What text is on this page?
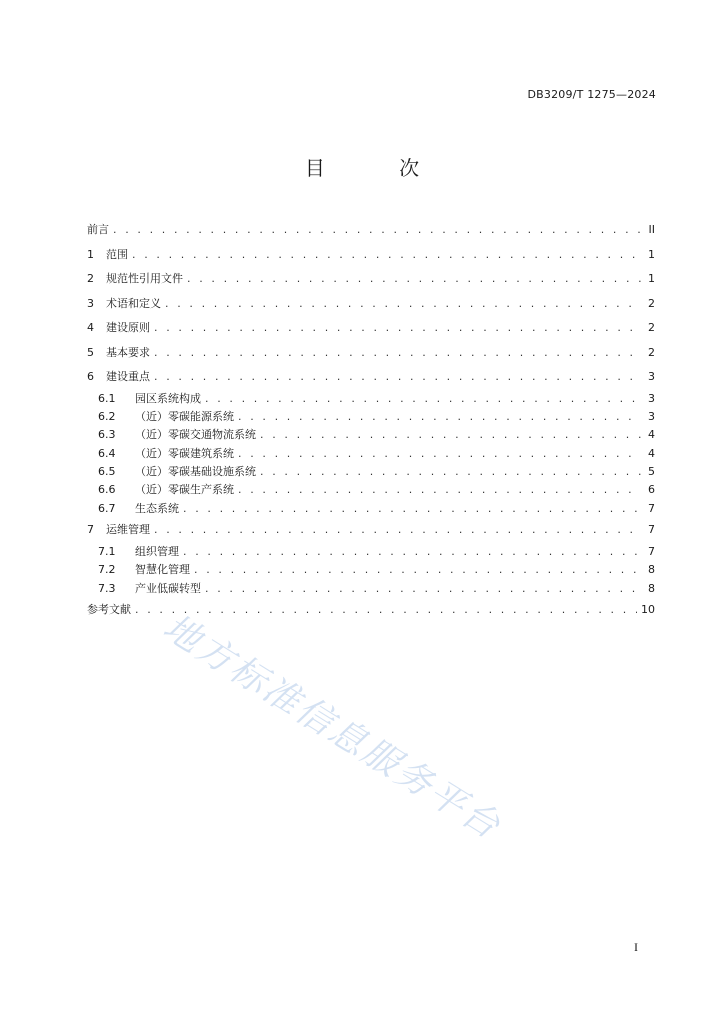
DB3209/T 1275—2024
目 次
前言 . . .	II
1	范围 . . .	1
2	规范性引用文件 . . .	1
3	术语和定义 . . .	2
4	建设原则 . . .	2
5	基本要求 . . .	2
6	建设重点 . . .	3
6.1	园区系统构成 . . .	3
6.2	（近）零碳能源系统 . . .	3
6.3	（近）零碳交通物流系统 . . .	4
6.4	（近）零碳建筑系统 . . .	4
6.5	（近）零碳基础设施系统 . . .	5
6.6	（近）零碳生产系统 . . .	6
6.7	生态系统 . . .	7
7	运维管理 . . .	7
7.1	组织管理 . . .	7
7.2	智慧化管理 . . .	8
7.3	产业低碳转型 . . .	8
参考文献 . . .	10
地方标准信息服务平台
I
